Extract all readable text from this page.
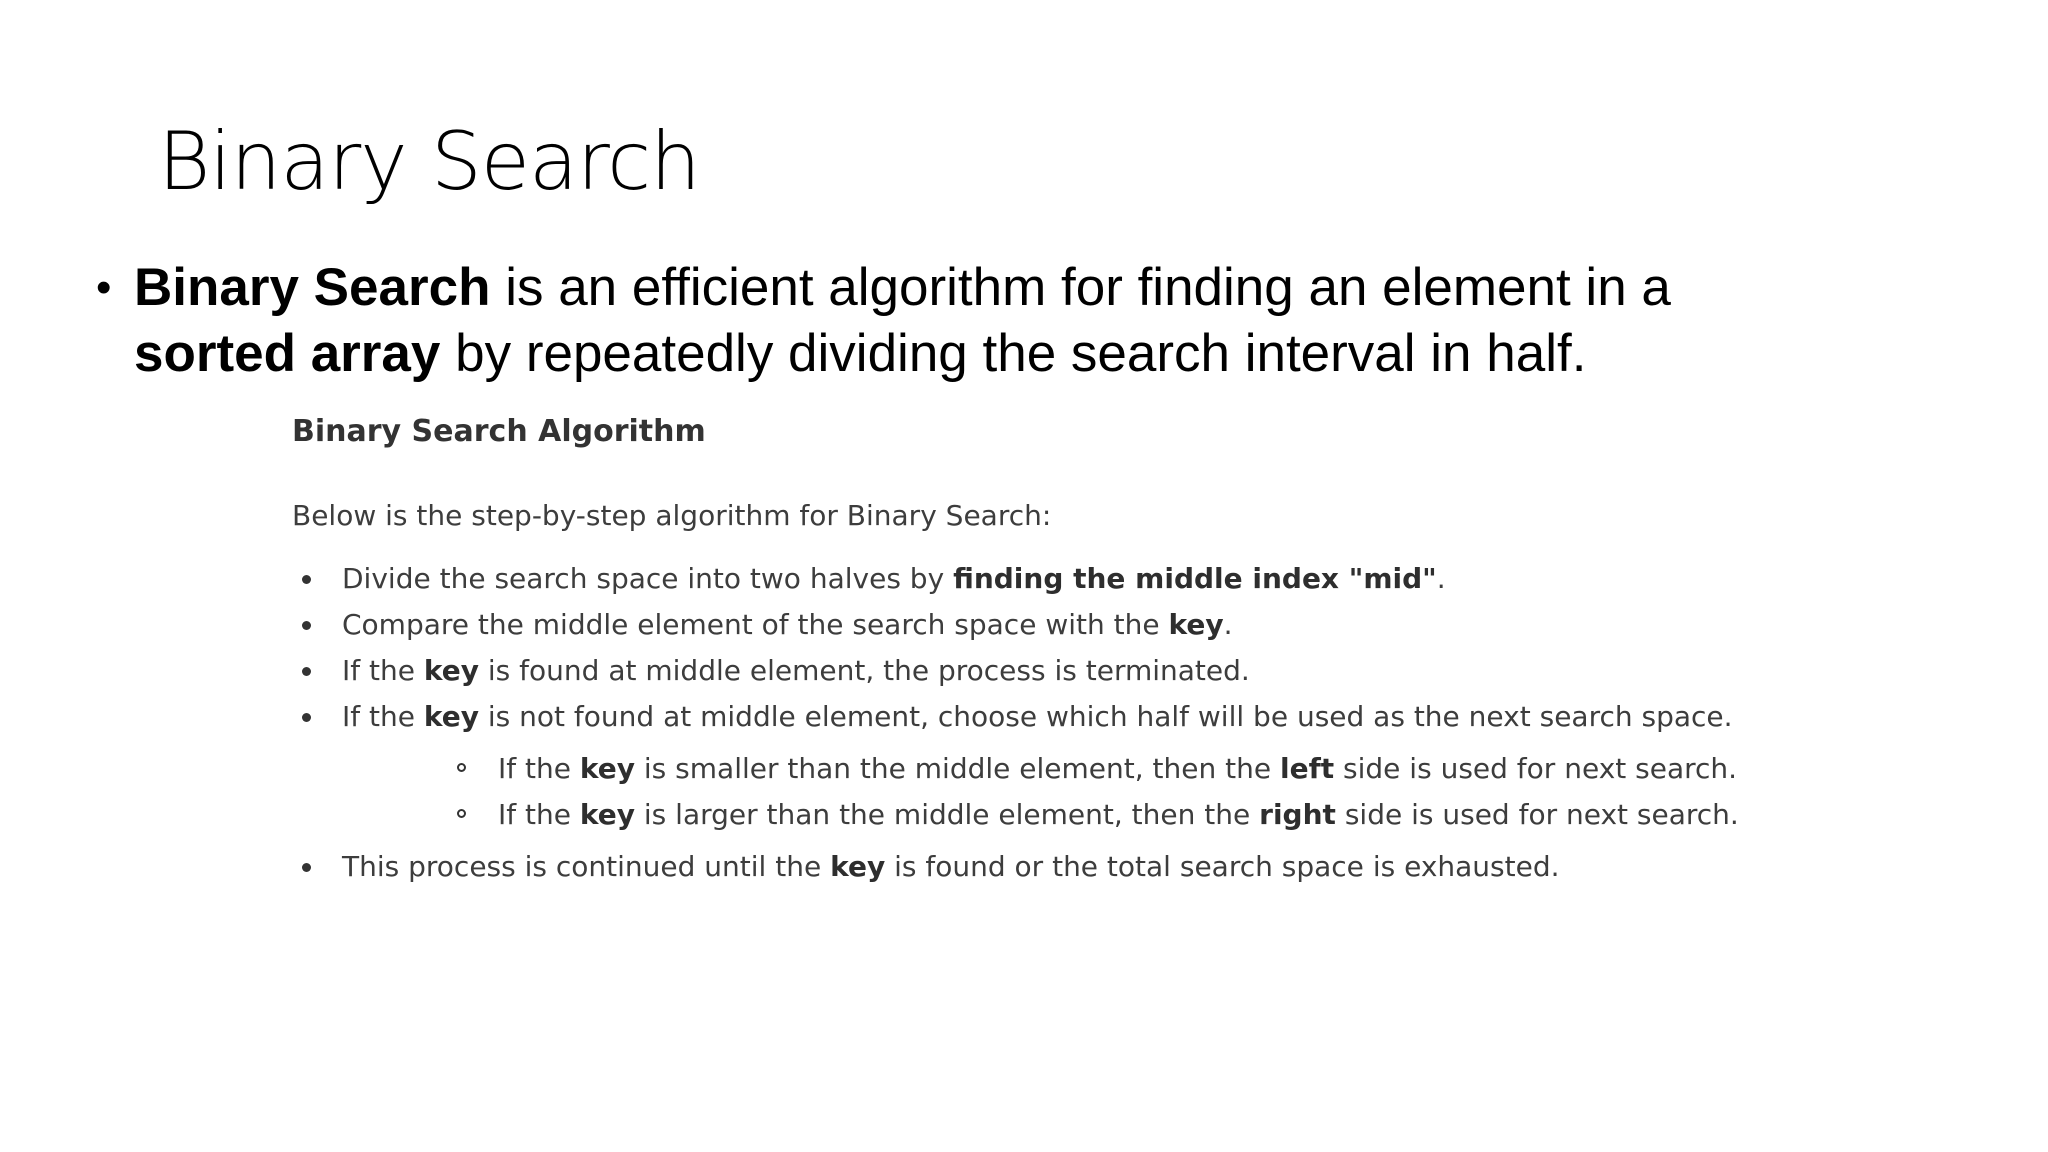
Binary Search
• Binary Search is an efficient algorithm for finding an element in a sorted array by repeatedly dividing the search interval in half.
Binary Search Algorithm
Below is the step-by-step algorithm for Binary Search:
Divide the search space into two halves by finding the middle index "mid".
Compare the middle element of the search space with the key.
If the key is found at middle element, the process is terminated.
If the key is not found at middle element, choose which half will be used as the next search space.
If the key is smaller than the middle element, then the left side is used for next search.
If the key is larger than the middle element, then the right side is used for next search.
This process is continued until the key is found or the total search space is exhausted.
